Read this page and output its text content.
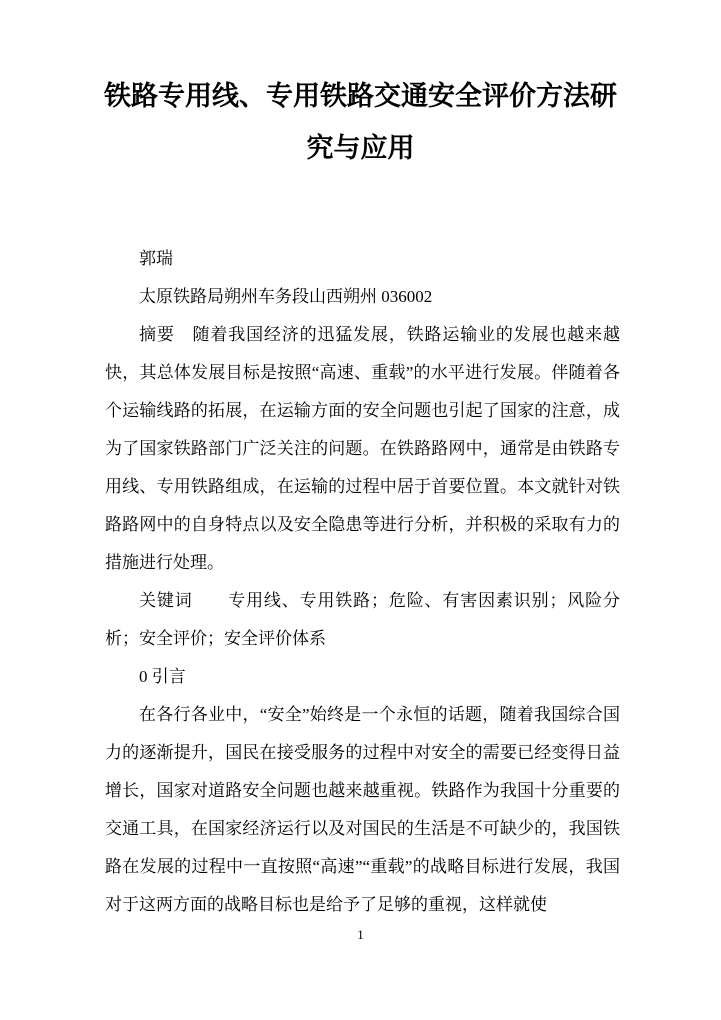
铁路专用线、专用铁路交通安全评价方法研究与应用

郭瑞

太原铁路局朔州车务段山西朔州 036002

摘要　随着我国经济的迅猛发展，铁路运输业的发展也越来越快，其总体发展目标是按照“高速、重载”的水平进行发展。伴随着各个运输线路的拓展，在运输方面的安全问题也引起了国家的注意，成为了国家铁路部门广泛关注的问题。在铁路路网中，通常是由铁路专用线、专用铁路组成，在运输的过程中居于首要位置。本文就针对铁路路网中的自身特点以及安全隐患等进行分析，并积极的采取有力的措施进行处理。

关键词　　专用线、专用铁路；危险、有害因素识别；风险分析；安全评价；安全评价体系

0 引言

在各行各业中，“安全”始终是一个永恒的话题，随着我国综合国力的逐渐提升，国民在接受服务的过程中对安全的需要已经变得日益增长，国家对道路安全问题也越来越重视。铁路作为我国十分重要的交通工具，在国家经济运行以及对国民的生活是不可缺少的，我国铁路在发展的过程中一直按照“高速”“重载”的战略目标进行发展，我国对于这两方面的战略目标也是给予了足够的重视，这样就使

1
